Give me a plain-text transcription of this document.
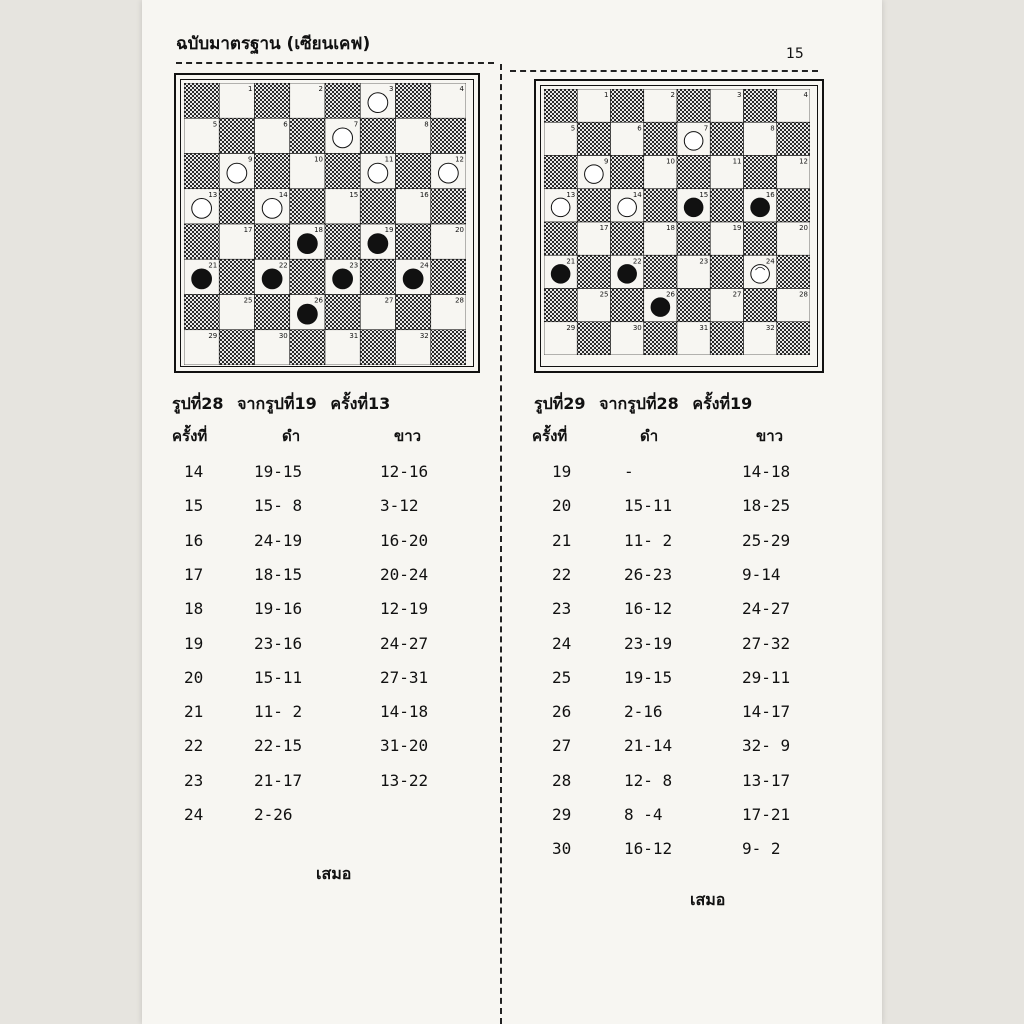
ฉบับมาตรฐาน (เซียนเคฟ)	15
1	2	3	4
5	6	7	8
9	10	11	12
13	14	15	16
17	18	19	20
21	22	23	24
25	26	27	28
29	30	31	32
1	2	3	4
5	6	7	8
9	10	11	12
13	14	15	16
17	18	19	20
21	22	23	24
25	26	27	28
29	30	31	32
รูปที่28 จากรูปที่19 ครั้งที่13
ครั้งที่	ดำ	ขาว
14	19-15	12-16
15	15- 8	3-12
16	24-19	16-20
17	18-15	20-24
18	19-16	12-19
19	23-16	24-27
20	15-11	27-31
21	11- 2	14-18
22	22-15	31-20
23	21-17	13-22
24	2-26
เสมอ
รูปที่29 จากรูปที่28 ครั้งที่19
ครั้งที่	ดำ	ขาว
19	-	14-18
20	15-11	18-25
21	11- 2	25-29
22	26-23	9-14
23	16-12	24-27
24	23-19	27-32
25	19-15	29-11
26	2-16	14-17
27	21-14	32- 9
28	12- 8	13-17
29	8 -4	17-21
30	16-12	9- 2
เสมอ
